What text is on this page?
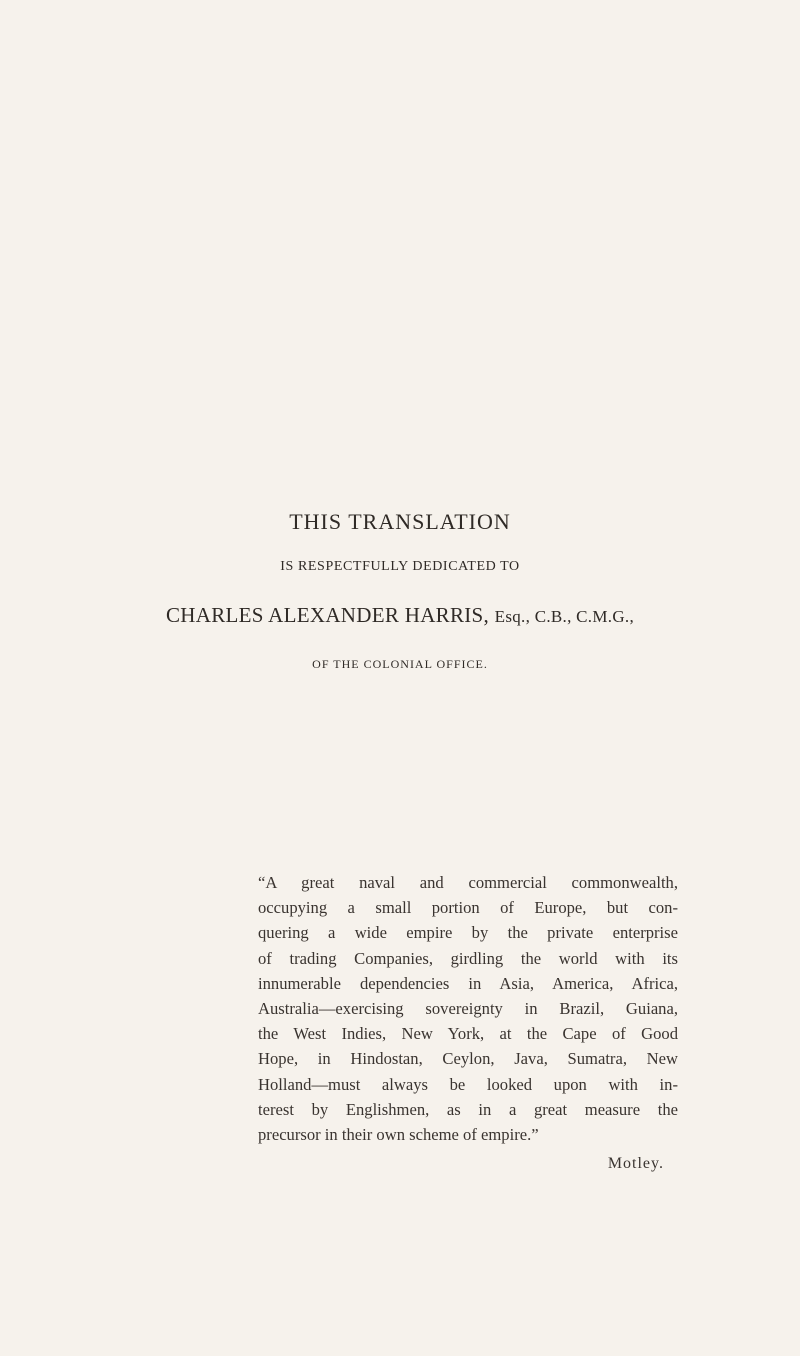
THIS TRANSLATION

IS RESPECTFULLY DEDICATED TO

CHARLES ALEXANDER HARRIS, Esq., C.B., C.M.G.,

OF THE COLONIAL OFFICE.

“A great naval and commercial commonwealth,
occupying a small portion of Europe, but con-
quering a wide empire by the private enterprise
of trading Companies, girdling the world with its
innumerable dependencies in Asia, America, Africa,
Australia—exercising sovereignty in Brazil, Guiana,
the West Indies, New York, at the Cape of Good
Hope, in Hindostan, Ceylon, Java, Sumatra, New
Holland—must always be looked upon with in-
terest by Englishmen, as in a great measure the
precursor in their own scheme of empire.”

Motley.
